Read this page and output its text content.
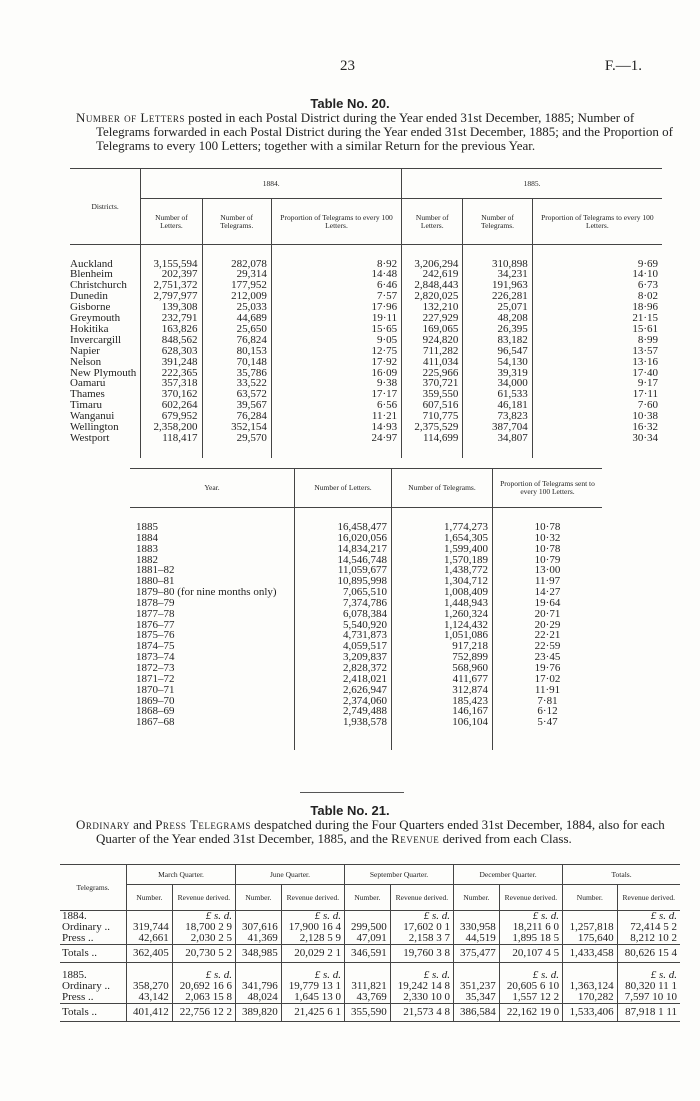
23	F.—1.
Table No. 20.
Number of Letters posted in each Postal District during the Year ended 31st December, 1885; Number of Telegrams forwarded in each Postal District during the Year ended 31st December, 1885; and the Proportion of Telegrams to every 100 Letters; together with a similar Return for the previous Year.
Districts.	1884.			1885.		
	Number of Letters.	Number of Telegrams.	Proportion of Telegrams to every 100 Letters.	Number of Letters.	Number of Telegrams.	Proportion of Telegrams to every 100 Letters.

Auckland	3,155,594	282,078	8·92	3,206,294	310,898	9·69
Blenheim	202,397	29,314	14·48	242,619	34,231	14·10
Christchurch	2,751,372	177,952	6·46	2,848,443	191,963	6·73
Dunedin	2,797,977	212,009	7·57	2,820,025	226,281	8·02
Gisborne	139,308	25,033	17·96	132,210	25,071	18·96
Greymouth	232,791	44,689	19·11	227,929	48,208	21·15
Hokitika	163,826	25,650	15·65	169,065	26,395	15·61
Invercargill	848,562	76,824	9·05	924,820	83,182	8·99
Napier	628,303	80,153	12·75	711,282	96,547	13·57
Nelson	391,248	70,148	17·92	411,034	54,130	13·16
New Plymouth	222,365	35,786	16·09	225,966	39,319	17·40
Oamaru	357,318	33,522	9·38	370,721	34,000	9·17
Thames	370,162	63,572	17·17	359,550	61,533	17·11
Timaru	602,264	39,567	6·56	607,516	46,181	7·60
Wanganui	679,952	76,284	11·21	710,775	73,823	10·38
Wellington	2,358,200	352,154	14·93	2,375,529	387,704	16·32
Westport	118,417	29,570	24·97	114,699	34,807	30·34

Year.	Number of Letters.	Number of Telegrams.	Proportion of Telegrams sent to every 100 Letters.

1885	16,458,477	1,774,273	10·78
1884	16,020,056	1,654,305	10·32
1883	14,834,217	1,599,400	10·78
1882	14,546,748	1,570,189	10·79
1881–82	11,059,677	1,438,772	13·00
1880–81	10,895,998	1,304,712	11·97
1879–80 (for nine months only)	7,065,510	1,008,409	14·27
1878–79	7,374,786	1,448,943	19·64
1877–78	6,078,384	1,260,324	20·71
1876–77	5,540,920	1,124,432	20·29
1875–76	4,731,873	1,051,086	22·21
1874–75	4,059,517	917,218	22·59
1873–74	3,209,837	752,899	23·45
1872–73	2,828,372	568,960	19·76
1871–72	2,418,021	411,677	17·02
1870–71	2,626,947	312,874	11·91
1869–70	2,374,060	185,423	7·81
1868–69	2,749,488	146,167	6·12
1867–68	1,938,578	106,104	5·47

Table No. 21.
Ordinary and Press Telegrams despatched during the Four Quarters ended 31st December, 1884, also for each Quarter of the Year ended 31st December, 1885, and the Revenue derived from each Class.
Telegrams.	March Quarter.		June Quarter.		September Quarter.		December Quarter.		Totals.	
	Number.	Revenue derived.	Number.	Revenue derived.	Number.	Revenue derived.	Number.	Revenue derived.	Number.	Revenue derived.
1884.		£ s. d.		£ s. d.		£ s. d.		£ s. d.		£ s. d.
Ordinary ..	319,744	18,700 2 9	307,616	17,900 16 4	299,500	17,602 0 1	330,958	18,211 6 0	1,257,818	72,414 5 2
Press ..	42,661	2,030 2 5	41,369	2,128 5 9	47,091	2,158 3 7	44,519	1,895 18 5	175,640	8,212 10 2
Totals ..	362,405	20,730 5 2	348,985	20,029 2 1	346,591	19,760 3 8	375,477	20,107 4 5	1,433,458	80,626 15 4

1885.		£ s. d.		£ s. d.		£ s. d.		£ s. d.		£ s. d.
Ordinary ..	358,270	20,692 16 6	341,796	19,779 13 1	311,821	19,242 14 8	351,237	20,605 6 10	1,363,124	80,320 11 1
Press ..	43,142	2,063 15 8	48,024	1,645 13 0	43,769	2,330 10 0	35,347	1,557 12 2	170,282	7,597 10 10
Totals ..	401,412	22,756 12 2	389,820	21,425 6 1	355,590	21,573 4 8	386,584	22,162 19 0	1,533,406	87,918 1 11
